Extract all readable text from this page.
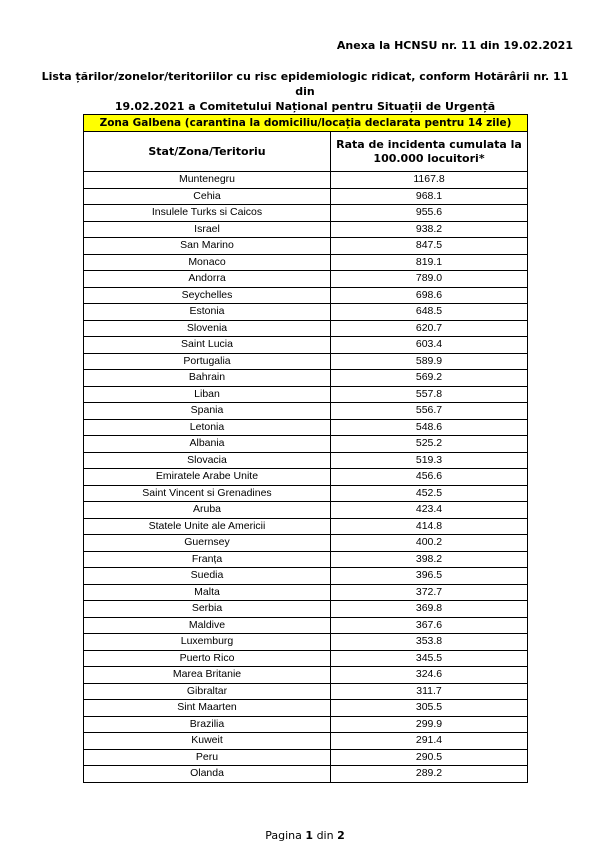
Anexa la HCNSU nr. 11 din 19.02.2021
Lista țărilor/zonelor/teritoriilor cu risc epidemiologic ridicat, conform Hotărârii nr. 11 din
19.02.2021 a Comitetului Național pentru Situații de Urgență
Zona Galbena (carantina la domiciliu/locația declarata pentru 14 zile)	
Stat/Zona/Teritoriu	Rata de incidenta cumulata la
100.000 locuitori*

Muntenegru	1167.8
Cehia	968.1
Insulele Turks si Caicos	955.6
Israel	938.2
San Marino	847.5
Monaco	819.1
Andorra	789.0
Seychelles	698.6
Estonia	648.5
Slovenia	620.7
Saint Lucia	603.4
Portugalia	589.9
Bahrain	569.2
Liban	557.8
Spania	556.7
Letonia	548.6
Albania	525.2
Slovacia	519.3
Emiratele Arabe Unite	456.6
Saint Vincent si Grenadines	452.5
Aruba	423.4
Statele Unite ale Americii	414.8
Guernsey	400.2
Franța	398.2
Suedia	396.5
Malta	372.7
Serbia	369.8
Maldive	367.6
Luxemburg	353.8
Puerto Rico	345.5
Marea Britanie	324.6
Gibraltar	311.7
Sint Maarten	305.5
Brazilia	299.9
Kuweit	291.4
Peru	290.5
Olanda	289.2
Pagina 1 din 2
